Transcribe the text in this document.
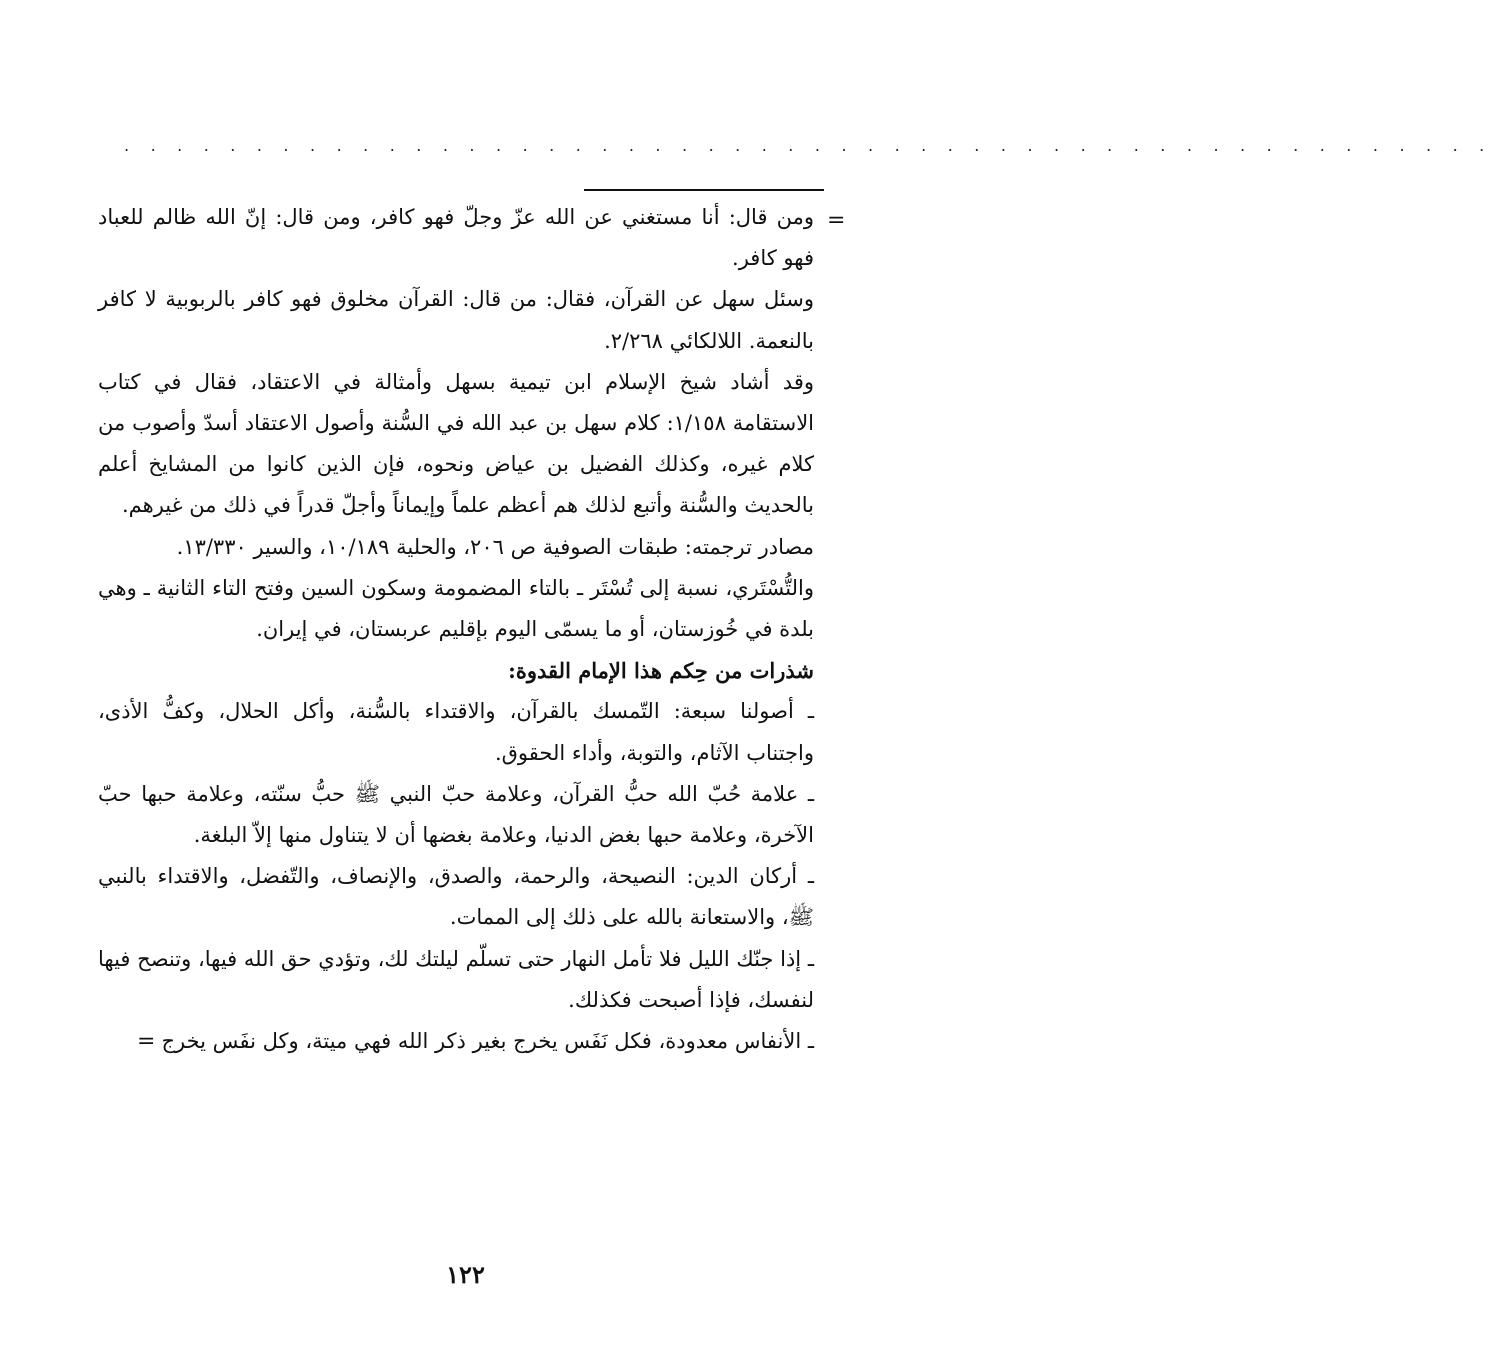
. . . . . . . . . . . . . . . . . . . . . . . . . . . . . . . . . . . . . . . . . . . . . . . . . . . .
=

ومن قال: أنا مستغني عن الله عزّ وجلّ فهو كافر، ومن قال: إنّ الله ظالم للعباد فهو كافر.

وسئل سهل عن القرآن، فقال: من قال: القرآن مخلوق فهو كافر بالربوبية لا كافر بالنعمة. اللالكائي ٢/٢٦٨.

وقد أشاد شيخ الإسلام ابن تيمية بسهل وأمثالة في الاعتقاد، فقال في كتاب الاستقامة ١/١٥٨: كلام سهل بن عبد الله في السُّنة وأصول الاعتقاد أسدّ وأصوب من كلام غيره، وكذلك الفضيل بن عياض ونحوه، فإن الذين كانوا من المشايخ أعلم بالحديث والسُّنة وأتبع لذلك هم أعظم علماً وإيماناً وأجلّ قدراً في ذلك من غيرهم.

مصادر ترجمته: طبقات الصوفية ص ٢٠٦، والحلية ١٠/١٨٩، والسير ١٣/٣٣٠.

والتُّسْتَري، نسبة إلى تُسْتَر ـ بالتاء المضمومة وسكون السين وفتح التاء الثانية ـ وهي بلدة في خُوزستان، أو ما يسمّى اليوم بإقليم عربستان، في إيران.

شذرات من حِكم هذا الإمام القدوة:

ـ أصولنا سبعة: التّمسك بالقرآن، والاقتداء بالسُّنة، وأكل الحلال، وكفُّ الأذى، واجتناب الآثام، والتوبة، وأداء الحقوق.

ـ علامة حُبّ الله حبُّ القرآن، وعلامة حبّ النبي ﷺ حبُّ سنّته، وعلامة حبها حبّ الآخرة، وعلامة حبها بغض الدنيا، وعلامة بغضها أن لا يتناول منها إلاّ البلغة.

ـ أركان الدين: النصيحة، والرحمة، والصدق، والإنصاف، والتّفضل، والاقتداء بالنبي ﷺ، والاستعانة بالله على ذلك إلى الممات.

ـ إذا جنّك الليل فلا تأمل النهار حتى تسلّم ليلتك لك، وتؤدي حق الله فيها، وتنصح فيها لنفسك، فإذا أصبحت فكذلك.

ـ الأنفاس معدودة، فكل نَفَس يخرج بغير ذكر الله فهي ميتة، وكل نفَس يخرج=

١٢٢
